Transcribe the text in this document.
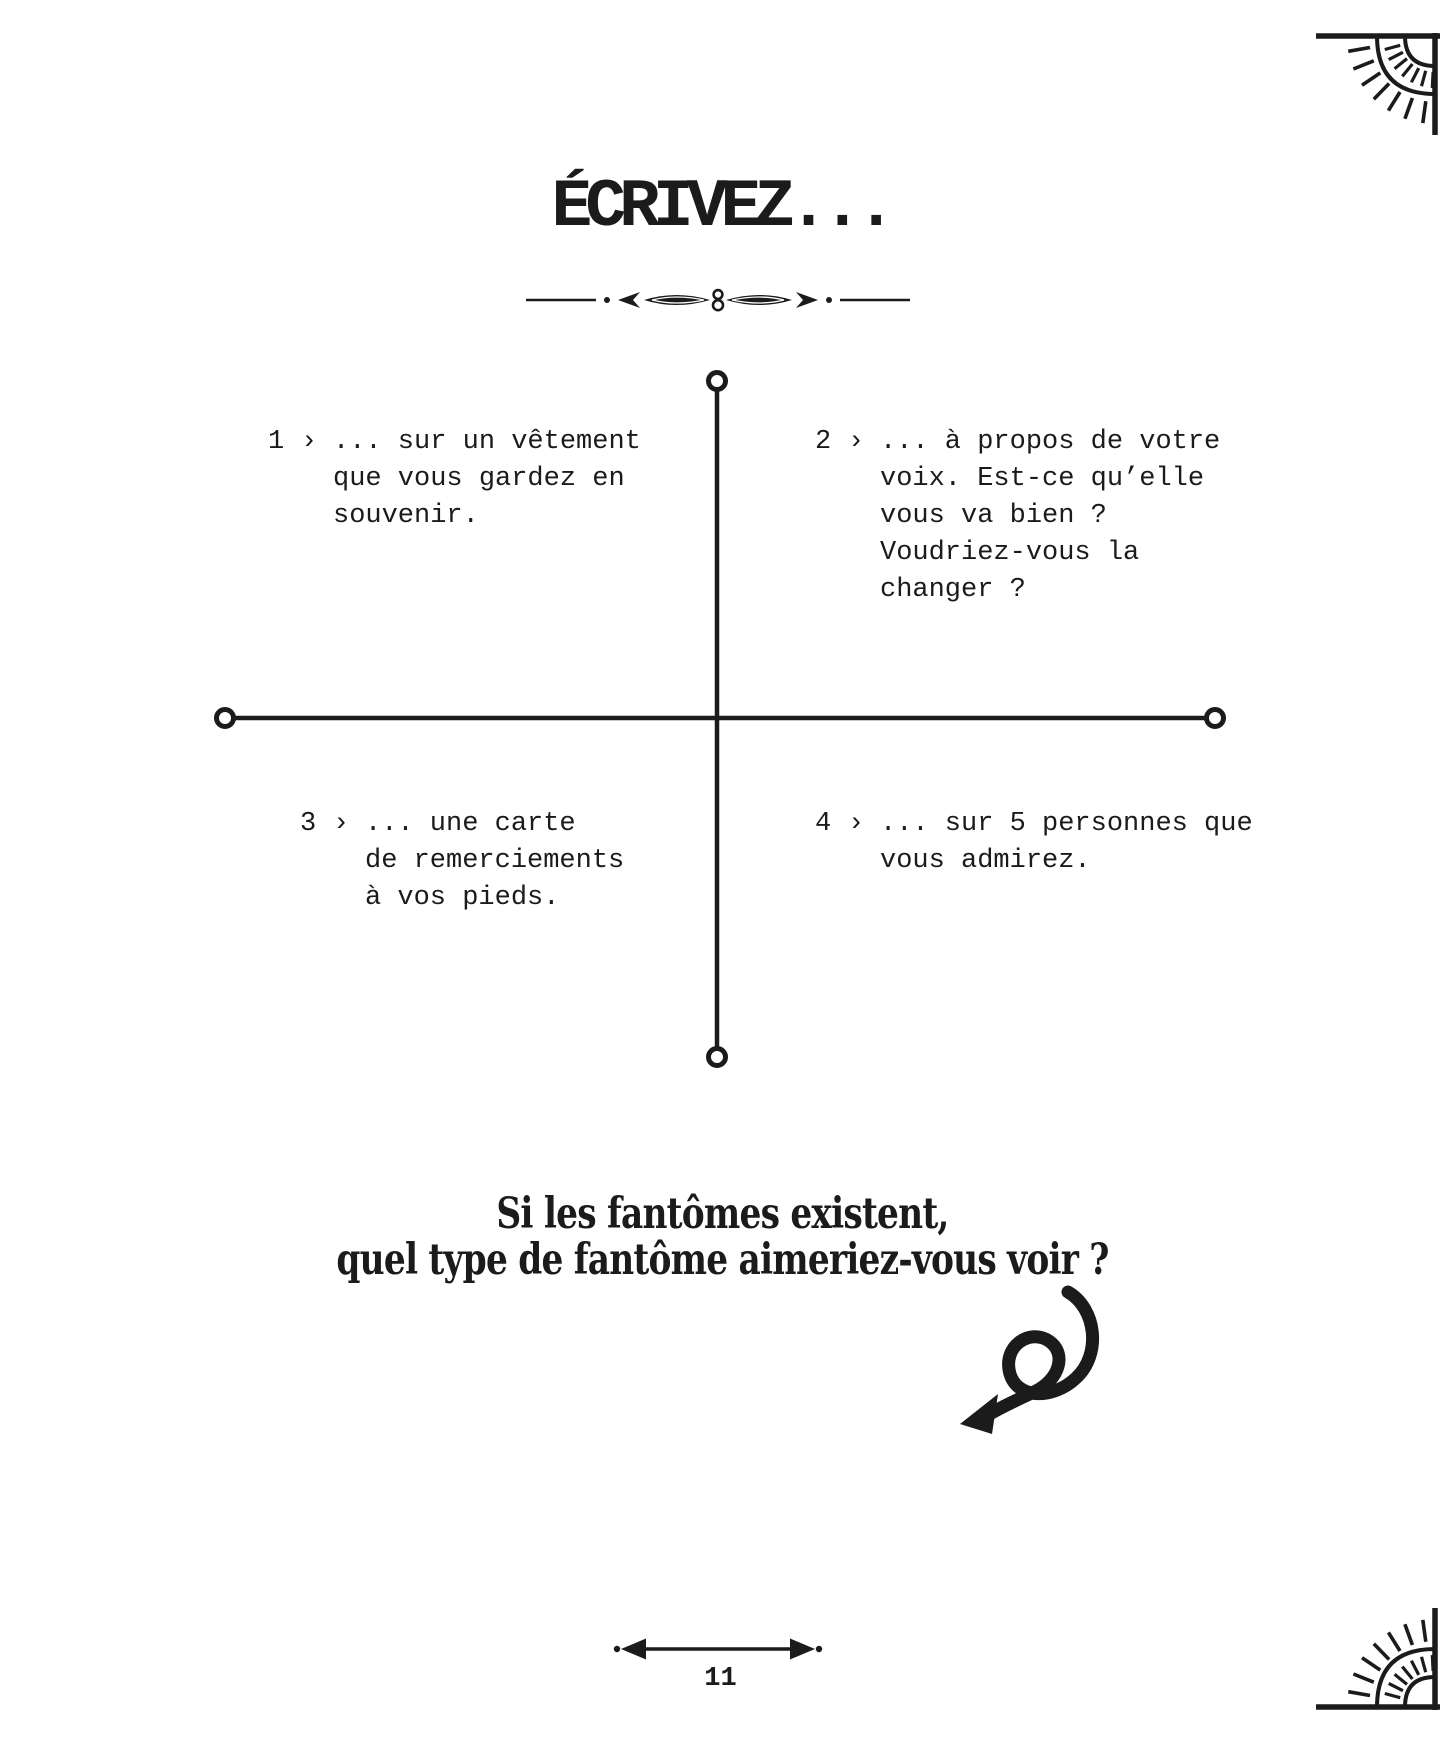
ÉCRIVEZ...
1 › ... sur un vêtement
que vous gardez en
souvenir.
2 › ... à propos de votre
voix. Est-ce qu’elle
vous va bien ?
Voudriez-vous la
changer ?
3 › ... une carte
de remerciements
à vos pieds.
4 › ... sur 5 personnes que
vous admirez.
Si les fantômes existent,
quel type de fantôme aimeriez-vous voir ?
11
